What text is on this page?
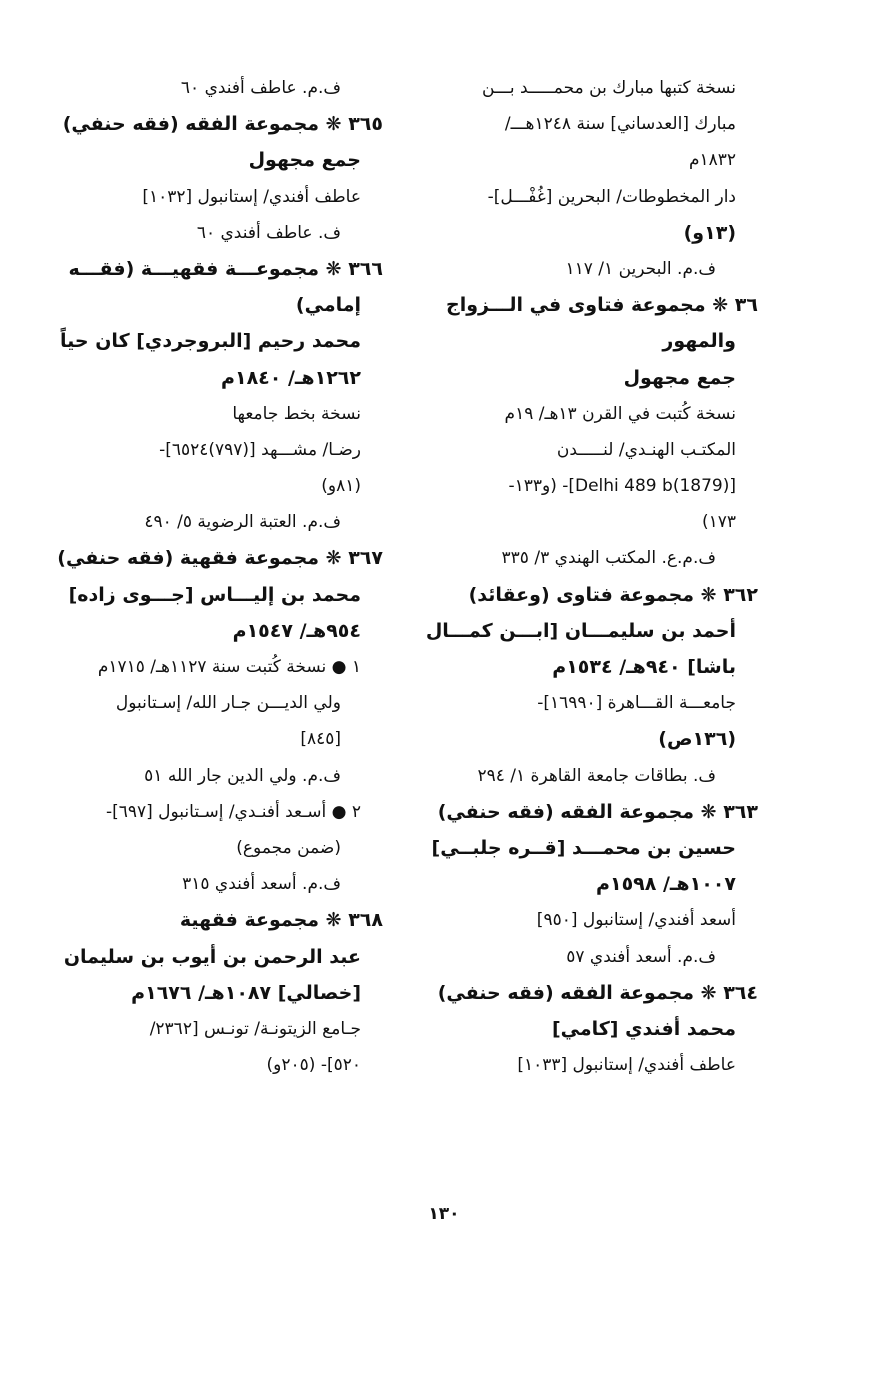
نسخة كتبها مبارك بن محمـــــد بـــن
مبارك [العدساني] سنة ١٢٤٨هـــ/
١٨٣٢م
دار المخطوطات/ البحرين [غُفْـــل]-
(١٣و)
ف.م. البحرين ١/ ١١٧
٣٦ ❋ مجموعة فتاوى في الـــزواج
والمهور
جمع مجهول
نسخة كُتبت في القرن ١٣هـ/ ١٩م
المكتـب الهنـدي/ لنـــــدن
[(1879)Delhi 489 b]- (و١٣٣-
١٧٣)
ف.م.ع. المكتب الهندي ٣/ ٣٣٥
٣٦٢ ❋ مجموعة فتاوى (وعقائد)
أحمد بن سليمـــان [ابـــن كمـــال
باشا] ٩٤٠هـ/ ١٥٣٤م
جامعـــة القـــاهرة [١٦٩٩٠]-
(١٣٦ص)
ف. بطاقات جامعة القاهرة ١/ ٢٩٤
٣٦٣ ❋ مجموعة الفقه (فقه حنفي)
حسين بن محمـــد [قــره جلبــي]
١٠٠٧هـ/ ١٥٩٨م
أسعد أفندي/ إستانبول [٩٥٠]
ف.م. أسعد أفندي ٥٧
٣٦٤ ❋ مجموعة الفقه (فقه حنفي)
محمد أفندي [كامي]
عاطف أفندي/ إستانبول [١٠٣٣]
ف.م. عاطف أفندي ٦٠
٣٦٥ ❋ مجموعة الفقه (فقه حنفي)
جمع مجهول
عاطف أفندي/ إستانبول [١٠٣٢]
ف. عاطف أفندي ٦٠
٣٦٦ ❋ مجموعـــة فقهيـــة (فقـــه
إمامي)
محمد رحيم [البروجردي] كان حياً
١٢٦٢هـ/ ١٨٤٠م
نسخة بخط جامعها
رضـا/ مشـــهد [(٧٩٧)٦٥٢٤]-
(٨١و)
ف.م. العتبة الرضوية ٥/ ٤٩٠
٣٦٧ ❋ مجموعة فقهية (فقه حنفي)
محمد بن إليـــاس [جـــوى زاده]
٩٥٤هـ/ ١٥٤٧م
١ ● نسخة كُتبت سنة ١١٢٧هـ/ ١٧١٥م
ولي الديـــن جـار الله/ إسـتانبول
[٨٤٥]
ف.م. ولي الدين جار الله ٥١
٢ ● أسـعد أفنـدي/ إسـتانبول [٦٩٧]-
(ضمن مجموع)
ف.م. أسعد أفندي ٣١٥
٣٦٨ ❋ مجموعة فقهية
عبد الرحمن بن أيوب بن سليمان
[خصالي] ١٠٨٧هـ/ ١٦٧٦م
جـامع الزيتونـة/ تونـس [٢٣٦٢/
٥٢٠]- (٢٠٥و)
١٣٠
